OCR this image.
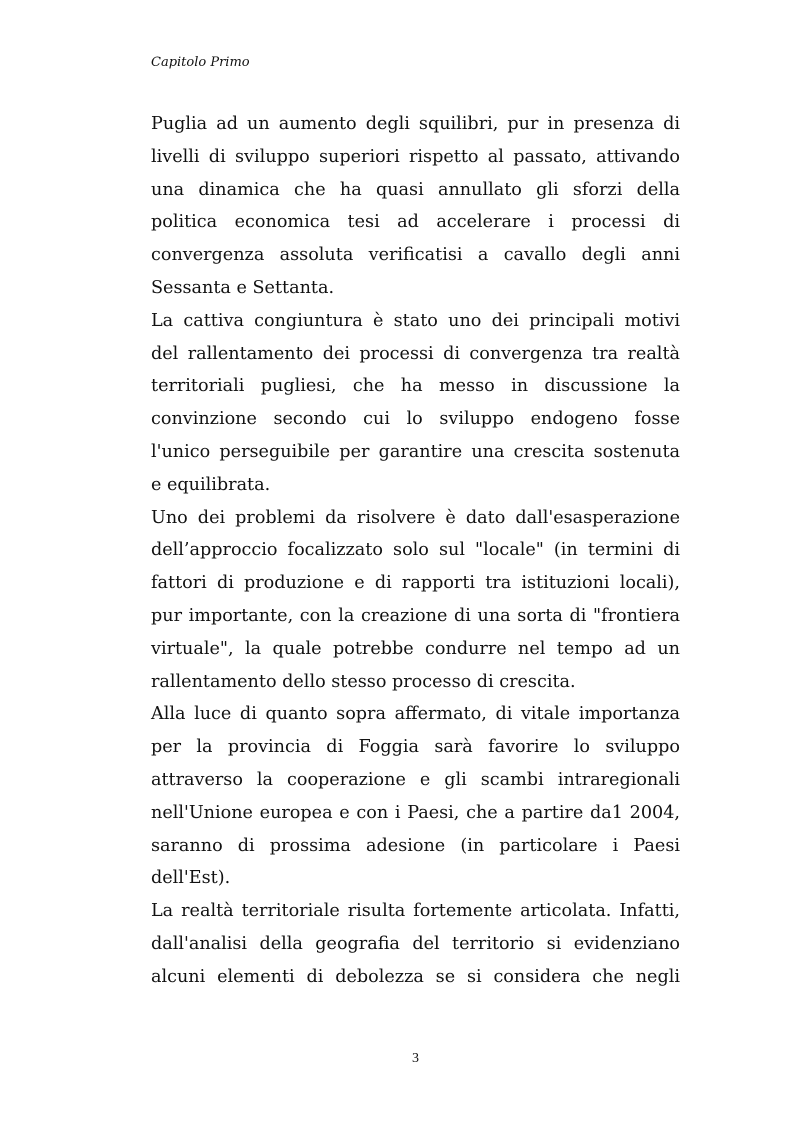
Capitolo Primo
Puglia ad un aumento degli squilibri, pur in presenza di
livelli di sviluppo superiori rispetto al passato, attivando
una dinamica che ha quasi annullato gli sforzi della
politica economica tesi ad accelerare i processi di
convergenza assoluta verificatisi a cavallo degli anni
Sessanta e Settanta.
La cattiva congiuntura è stato uno dei principali motivi
del rallentamento dei processi di convergenza tra realtà
territoriali pugliesi, che ha messo in discussione la
convinzione secondo cui lo sviluppo endogeno fosse
l'unico perseguibile per garantire una crescita sostenuta
e equilibrata.
Uno dei problemi da risolvere è dato dall'esasperazione
dell’approccio focalizzato solo sul "locale" (in termini di
fattori di produzione e di rapporti tra istituzioni locali),
pur importante, con la creazione di una sorta di "frontiera
virtuale", la quale potrebbe condurre nel tempo ad un
rallentamento dello stesso processo di crescita.
Alla luce di quanto sopra affermato, di vitale importanza
per la provincia di Foggia sarà favorire lo sviluppo
attraverso la cooperazione e gli scambi intraregionali
nell'Unione europea e con i Paesi, che a partire da1 2004,
saranno di prossima adesione (in particolare i Paesi
dell'Est).
La realtà territoriale risulta fortemente articolata. Infatti,
dall'analisi della geografia del territorio si evidenziano
alcuni elementi di debolezza se si considera che negli
3
